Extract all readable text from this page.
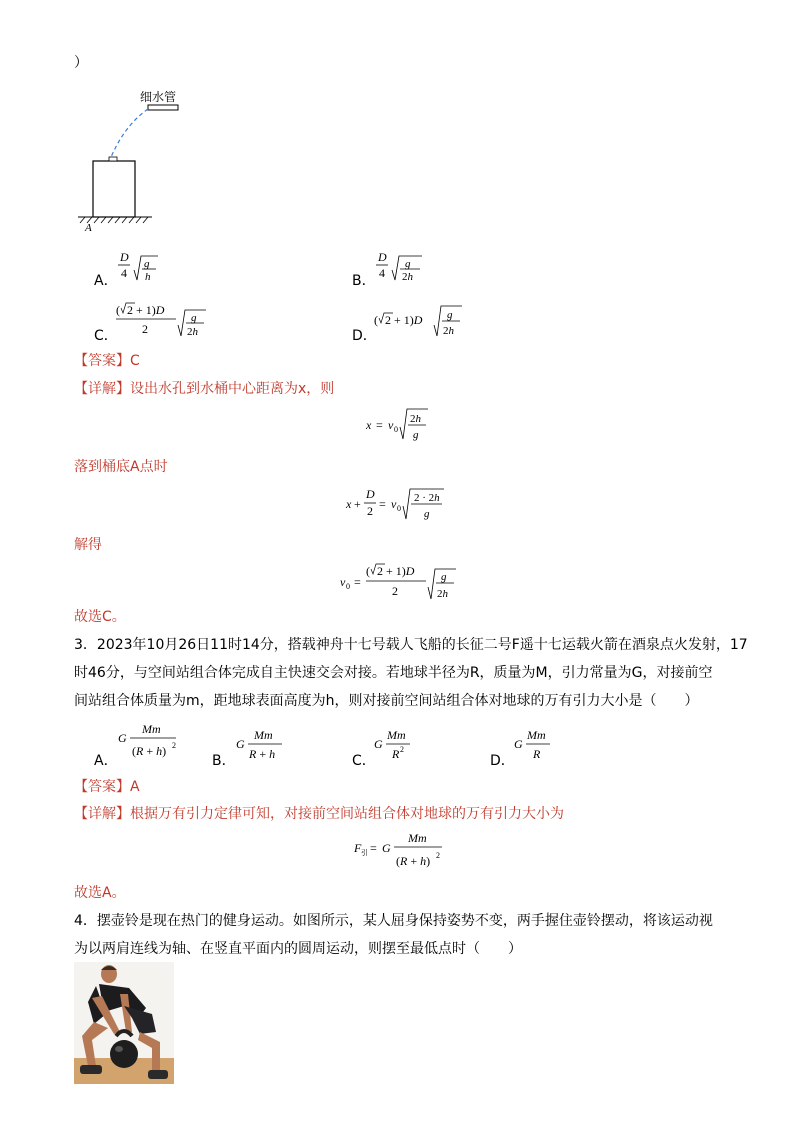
）
细水管
A
A．
D
4
g
h	B．
D
4
g
2h
C．
( 2 + 1)D
2
g
2h	D．
( 2 + 1)D g
2h
【答案】C
【详解】设出水孔到水桶中心距离为x，则
x = v 0
2h
g
落到桶底A点时
x +
D
2 = v 0
2 · 2h
g
解得
v 0 =
( 2 + 1)D
2
g
2h
故选C。
3．2023年10月26日11时14分，搭载神舟十七号载人飞船的长征二号F遥十七运载火箭在酒泉点火发射，17
时46分，与空间站组合体完成自主快速交会对接。若地球半径为R，质量为M，引力常量为G，对接前空
间站组合体质量为m，距地球表面高度为h，则对接前空间站组合体对地球的万有引力大小是（　　）
A．
G
Mm
(R + h) 2
B．
G
Mm
R + h	C．
G
Mm
R 2
D．
G
Mm
R
【答案】A
【详解】根据万有引力定律可知，对接前空间站组合体对地球的万有引力大小为
F 引 = G
Mm
(R + h) 2
故选A。
4．摆壶铃是现在热门的健身运动。如图所示，某人屈身保持姿势不变，两手握住壶铃摆动，将该运动视
为以两肩连线为轴、在竖直平面内的圆周运动，则摆至最低点时（　　）
